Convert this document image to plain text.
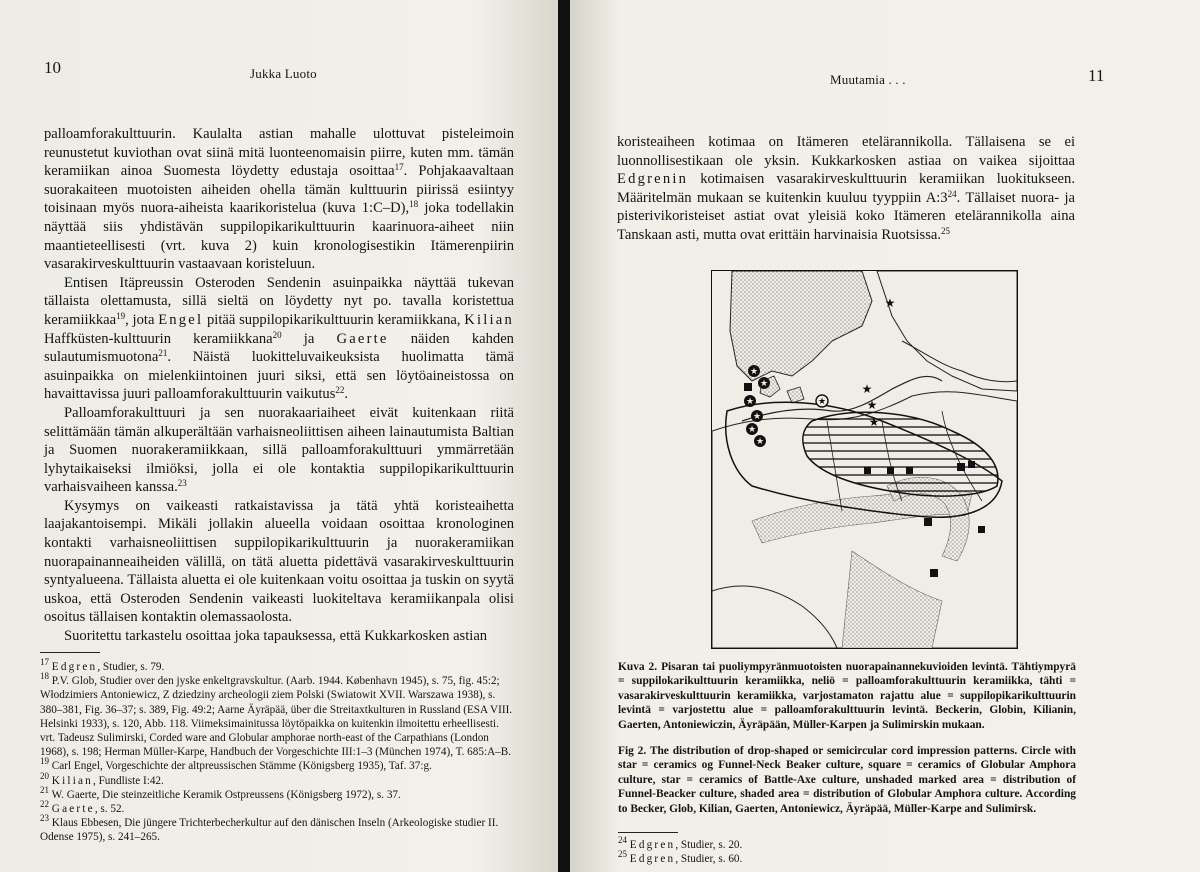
10	Jukka Luoto

palloamforakulttuurin. Kaulalta astian mahalle ulottuvat pisteleimoin reunustetut kuviothan ovat siinä mitä luonteenomaisin piirre, kuten mm. tämän keramiikan ainoa Suomesta löydetty edustaja osoittaa$^{17}$. Pohjakaavaltaan suorakaiteen muotoisten aiheiden ohella tämän kulttuurin piirissä esiintyy toisinaan myös nuora-aiheista kaarikoristelua (kuva 1:C–D),$^{18}$ joka todellakin näyttää siis yhdistävän suppilopikarikulttuurin kaarinuora-aiheet niin maantieteellisesti (vrt. kuva 2) kuin kronologisestikin Itämerenpiirin vasarakirveskulttuurin vastaavaan koristeluun.

Entisen Itäpreussin Osteroden Sendenin asuinpaikka näyttää tukevan tällaista olettamusta, sillä sieltä on löydetty nyt po. tavalla koristettua keramiikkaa$^{19}$, jota Engel pitää suppilopikarikulttuurin keramiikkana, Kilian Haffküsten-kulttuurin keramiikkana$^{20}$ ja Gaerte näiden kahden sulautumismuotona$^{21}$. Näistä luokitteluvaikeuksista huolimatta tämä asuinpaikka on mielenkiintoinen juuri siksi, että sen löytöaineistossa on havaittavissa juuri palloamforakulttuurin vaikutus$^{22}$.

Palloamforakulttuuri ja sen nuorakaariaiheet eivät kuitenkaan riitä selittämään tämän alkuperältään varhaisneoliittisen aiheen lainautumista Baltian ja Suomen nuorakeramiikkaan, sillä palloamforakulttuuri ymmärretään lyhytaikaiseksi ilmiöksi, jolla ei ole kontaktia suppilopikarikulttuurin varhaisvaiheen kanssa.$^{23}$

Kysymys on vaikeasti ratkaistavissa ja tätä yhtä koristeaihetta laajakantoisempi. Mikäli jollakin alueella voidaan osoittaa kronologinen kontakti varhaisneoliittisen suppilopikarikulttuurin ja nuorakeramiikan nuorapainanneaiheiden välillä, on tätä aluetta pidettävä vasarakirveskulttuurin syntyalueena. Tällaista aluetta ei ole kuitenkaan voitu osoittaa ja tuskin on syytä uskoa, että Osteroden Sendenin vaikeasti luokiteltava keramiikanpala olisi osoitus tällaisen kontaktin olemassaolosta.

Suoritettu tarkastelu osoittaa joka tapauksessa, että Kukkarkosken astian

$^{17}$ Edgren, Studier, s. 79.

$^{18}$ P.V. Glob, Studier over den jyske enkeltgravskultur. (Aarb. 1944. København 1945), s. 75, fig. 45:2; Włodzimiers Antoniewicz, Z dziedziny archeologii ziem Polski (Swiatowit XVII. Warszawa 1938), s. 380–381, Fig. 36–37; s. 389, Fig. 49:2; Aarne Äyräpää, über die Streitaxtkulturen in Russland (ESA VIII. Helsinki 1933), s. 120, Abb. 118. Viimeksimainitussa löytöpaikka on kuitenkin ilmoitettu erheellisesti. vrt. Tadeusz Sulimirski, Corded ware and Globular amphorae north-east of the Carpathians (London 1968), s. 198; Herman Müller-Karpe, Handbuch der Vorgeschichte III:1–3 (München 1974), T. 685:A–B.

$^{19}$ Carl Engel, Vorgeschichte der altpreussischen Stämme (Königsberg 1935), Taf. 37:g.

$^{20}$ Kilian, Fundliste I:42.

$^{21}$ W. Gaerte, Die steinzeitliche Keramik Ostpreussens (Königsberg 1972), s. 37.

$^{22}$ Gaerte, s. 52.

$^{23}$ Klaus Ebbesen, Die jüngere Trichterbecherkultur auf den dänischen Inseln (Arkeologiske studier II. Odense 1975), s. 241–265.

Muutamia . . .	11

koristeaiheen kotimaa on Itämeren etelärannikolla. Tällaisena se ei luonnollisestikaan ole yksin. Kukkarkosken astiaa on vaikea sijoittaa Edgrenin kotimaisen vasarakirveskulttuurin keramiikan luokitukseen. Määritelmän mukaan se kuitenkin kuuluu tyyppiin $A:3^{24}$. Tällaiset nuora- ja pisterivikoristeiset astiat ovat yleisiä koko Itämeren etelärannikolla aina Tanskaan asti, mutta ovat erittäin harvinaisia Ruotsissa.$^{25}$

★
★
★
★
★
★
★
★
★
★
★

Kuva 2. Pisaran tai puoliympyränmuotoisten nuorapainannekuvioiden levintä. Tähtiympyrä = suppilokarikulttuurin keramiikka, neliö = palloamforakulttuurin keramiikka, tähti = vasarakirveskulttuurin keramiikka, varjostamaton rajattu alue = suppilopikarikulttuurin levintä = varjostettu alue = palloamforakulttuurin levintä. Beckerin, Globin, Kilianin, Gaerten, Antoniewiczin, Äyräpään, Müller-Karpen ja Sulimirskin mukaan.

Fig 2. The distribution of drop-shaped or semicircular cord impression patterns. Circle with star = ceramics og Funnel-Neck Beaker culture, square = ceramics of Globular Amphora culture, star = ceramics of Battle-Axe culture, unshaded marked area = distribution of Funnel-Beacker culture, shaded area = distribution of Globular Amphora culture. According to Becker, Glob, Kilian, Gaerten, Antoniewicz, Äyräpää, Müller-Karpe and Sulimirsk.

$^{24}$ Edgren, Studier, s. 20.

$^{25}$ Edgren, Studier, s. 60.
